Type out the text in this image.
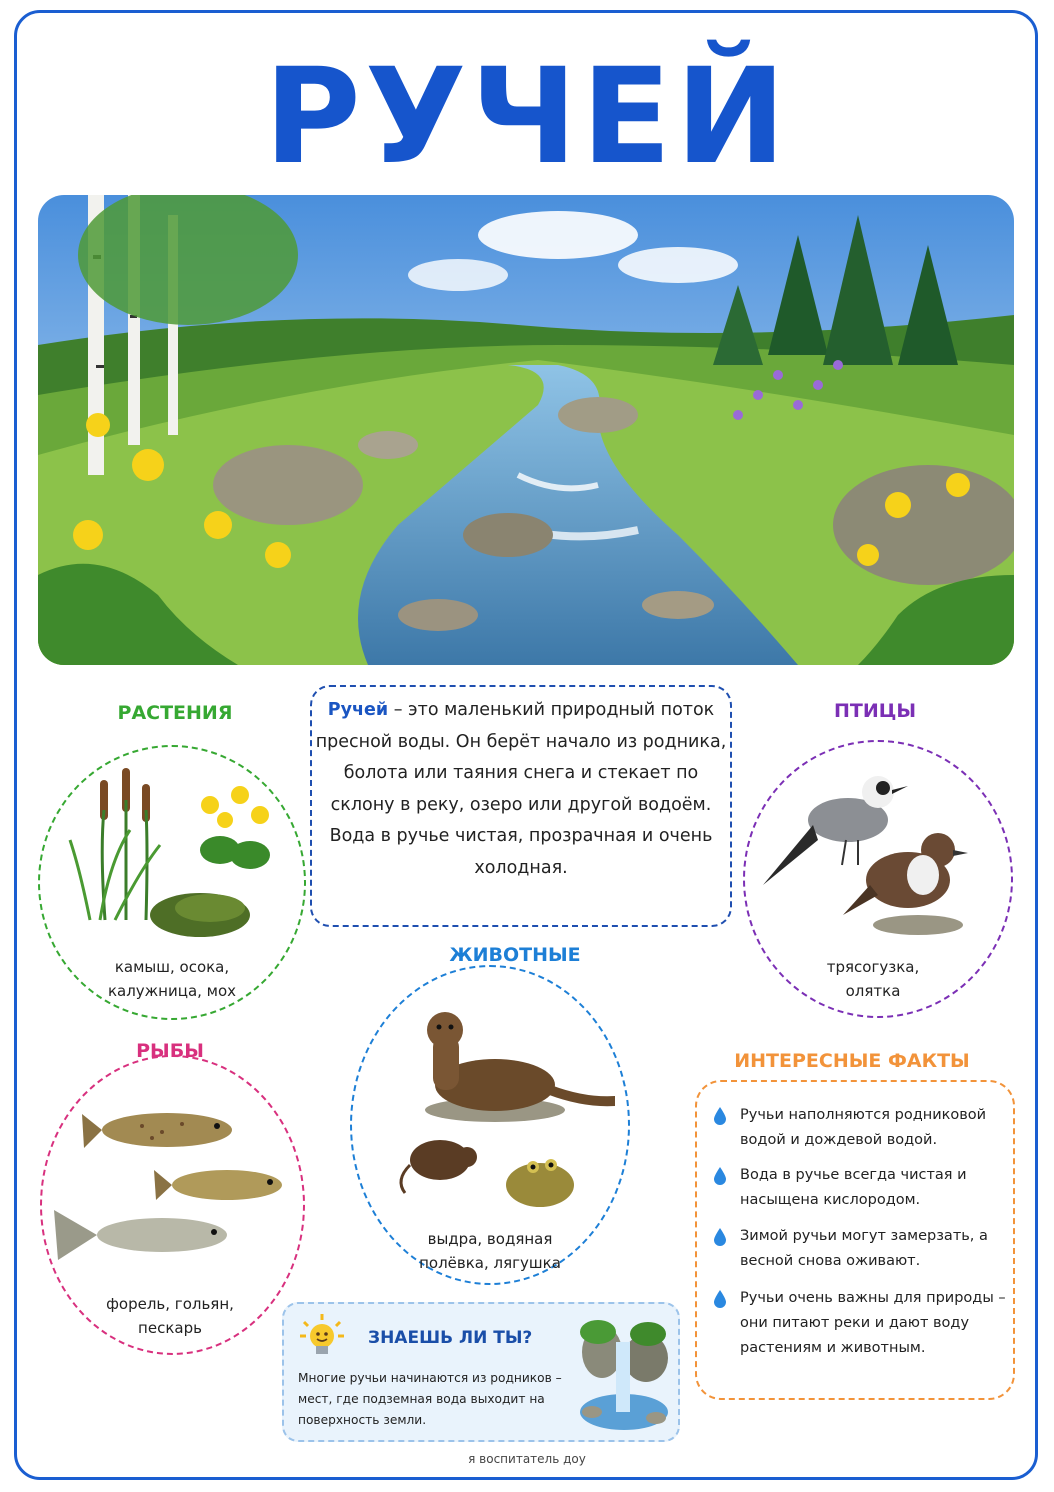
РУЧЕЙ
РАСТЕНИЯ
камыш, осока, калужница, мох
Ручей – это маленький природный поток пресной воды. Он берёт начало из родника, болота или таяния снега и стекает по склону в реку, озеро или другой водоём. Вода в ручье чистая, прозрачная и очень холодная.
ПТИЦЫ
трясогузка, олятка
ЖИВОТНЫЕ
выдра, водяная полёвка, лягушка
РЫБЫ
форель, гольян, пескарь
ИНТЕРЕСНЫЕ ФАКТЫ
Ручьи наполняются родниковой водой и дождевой водой.
Вода в ручье всегда чистая и насыщена кислородом.
Зимой ручьи могут замерзать, а весной снова оживают.
Ручьи очень важны для природы – они питают реки и дают воду растениям и животным.
ЗНАЕШЬ ЛИ ТЫ?
Многие ручьи начинаются из родников – мест, где подземная вода выходит на поверхность земли.
я воспитатель доу
